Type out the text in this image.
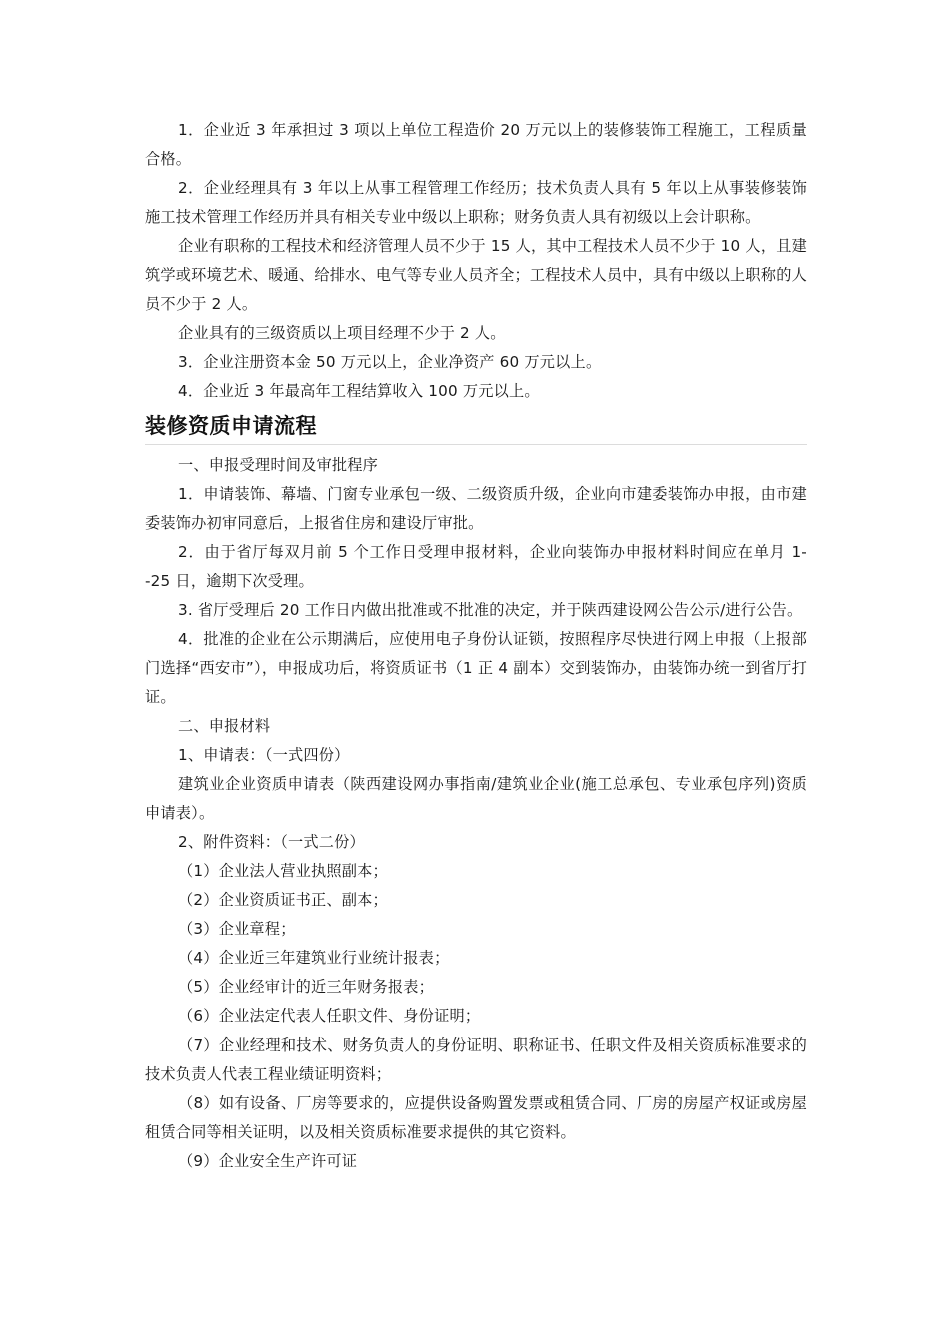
1．企业近 3 年承担过 3 项以上单位工程造价 20 万元以上的装修装饰工程施工，工程质量合格。

2．企业经理具有 3 年以上从事工程管理工作经历；技术负责人具有 5 年以上从事装修装饰施工技术管理工作经历并具有相关专业中级以上职称；财务负责人具有初级以上会计职称。

企业有职称的工程技术和经济管理人员不少于 15 人，其中工程技术人员不少于 10 人，且建筑学或环境艺术、暖通、给排水、电气等专业人员齐全；工程技术人员中，具有中级以上职称的人员不少于 2 人。

企业具有的三级资质以上项目经理不少于 2 人。

3．企业注册资本金 50 万元以上，企业净资产 60 万元以上。

4．企业近 3 年最高年工程结算收入 100 万元以上。

装修资质申请流程

一、申报受理时间及审批程序

1．申请装饰、幕墙、门窗专业承包一级、二级资质升级，企业向市建委装饰办申报，由市建委装饰办初审同意后，上报省住房和建设厅审批。

2．由于省厅每双月前 5 个工作日受理申报材料，企业向装饰办申报材料时间应在单月 1--25 日，逾期下次受理。

3. 省厅受理后 20 工作日内做出批准或不批准的决定，并于陕西建设网公告公示/进行公告。

4．批准的企业在公示期满后，应使用电子身份认证锁，按照程序尽快进行网上申报（上报部门选择“西安市”），申报成功后，将资质证书（1 正 4 副本）交到装饰办，由装饰办统一到省厅打证。

二、申报材料

1、申请表：（一式四份）

建筑业企业资质申请表（陕西建设网办事指南/建筑业企业(施工总承包、专业承包序列)资质申请表）。

2、附件资料：（一式二份）

（1）企业法人营业执照副本；

（2）企业资质证书正、副本；

（3）企业章程；

（4）企业近三年建筑业行业统计报表；

（5）企业经审计的近三年财务报表；

（6）企业法定代表人任职文件、身份证明；

（7）企业经理和技术、财务负责人的身份证明、职称证书、任职文件及相关资质标准要求的技术负责人代表工程业绩证明资料；

（8）如有设备、厂房等要求的，应提供设备购置发票或租赁合同、厂房的房屋产权证或房屋租赁合同等相关证明，以及相关资质标准要求提供的其它资料。

（9）企业安全生产许可证
